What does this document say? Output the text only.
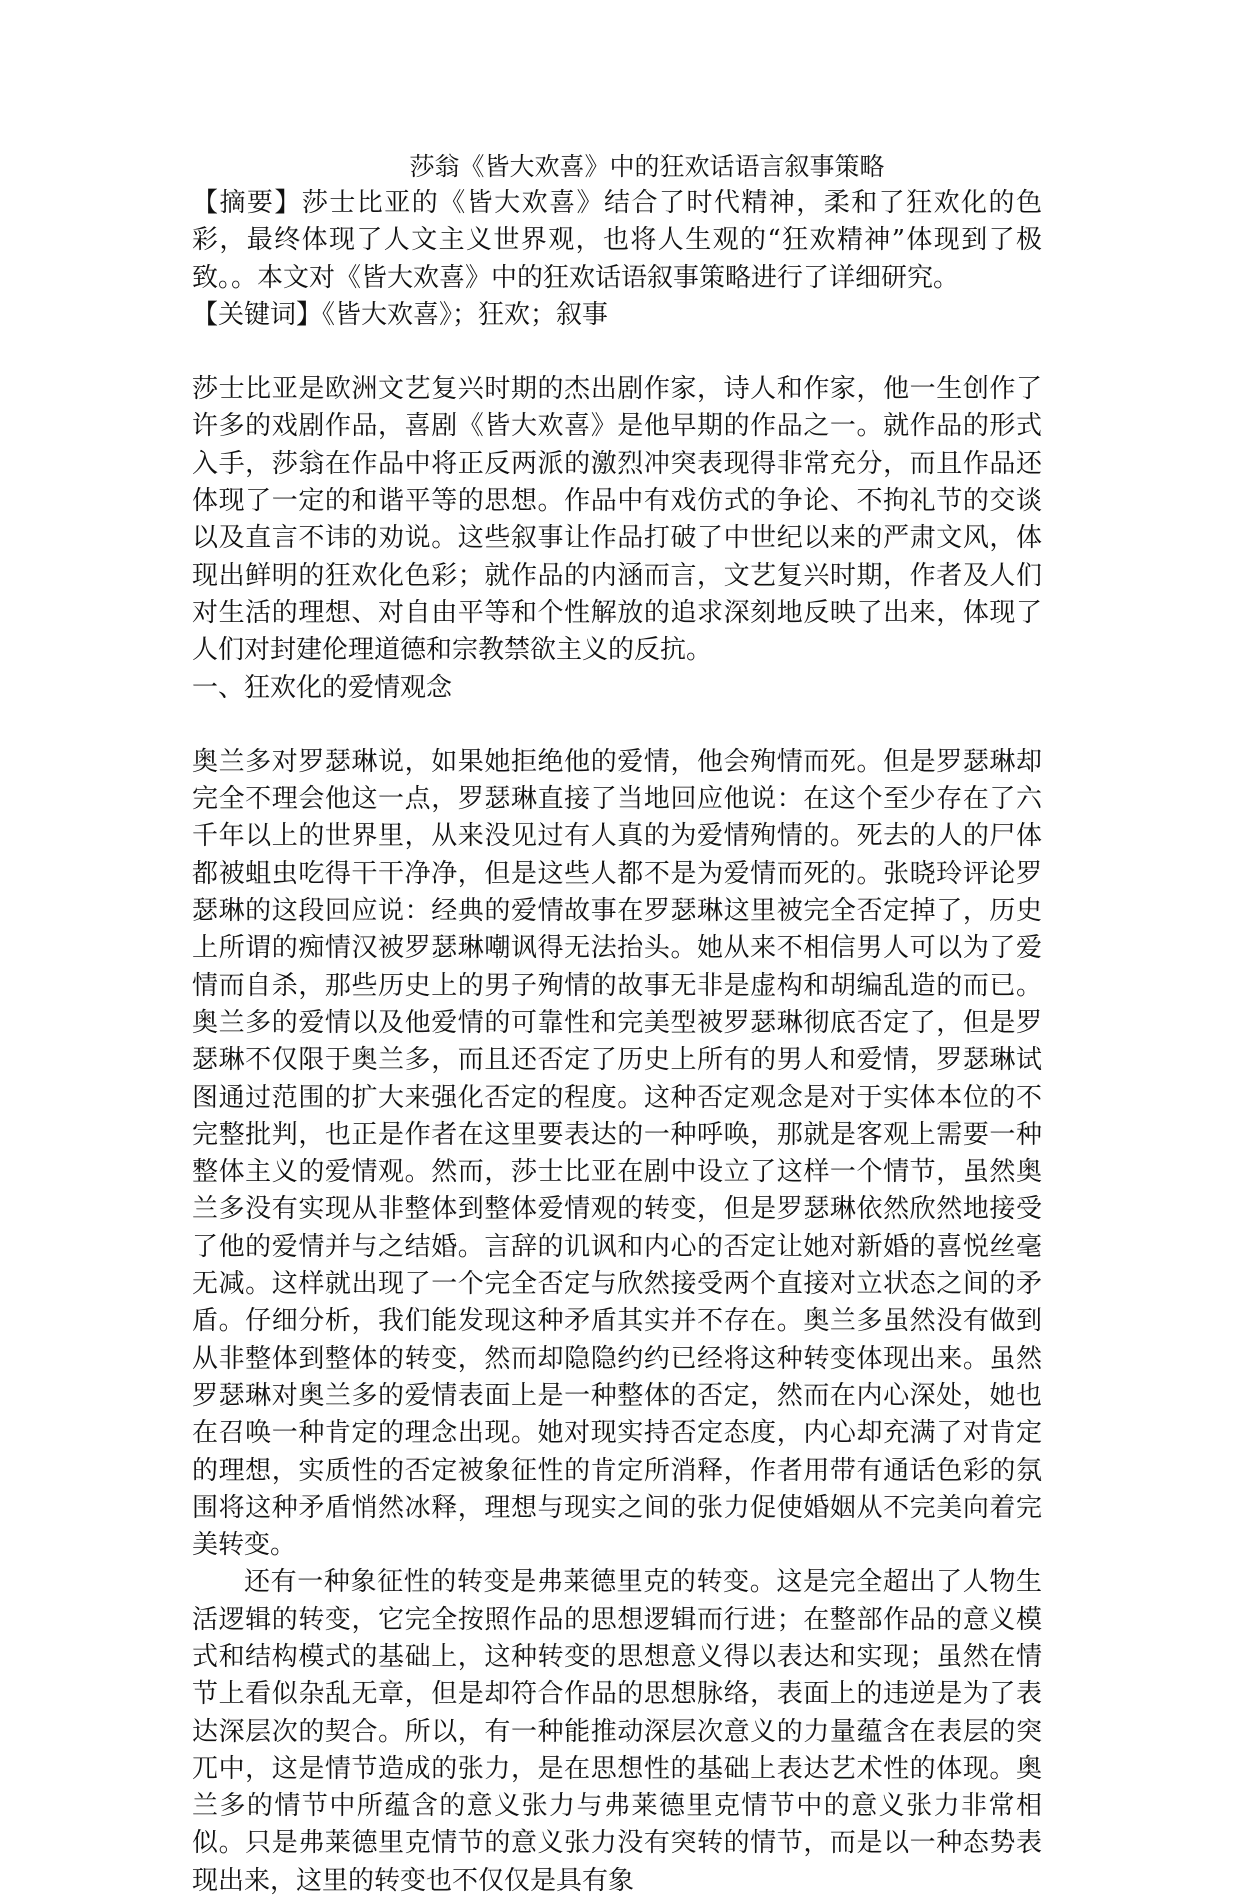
莎翁《皆大欢喜》中的狂欢话语言叙事策略

【摘要】莎士比亚的《皆大欢喜》结合了时代精神，柔和了狂欢化的色彩，最终体现了人文主义世界观，也将人生观的“狂欢精神”体现到了极致。。本文对《皆大欢喜》中的狂欢话语叙事策略进行了详细研究。

【关键词】《皆大欢喜》；狂欢；叙事

莎士比亚是欧洲文艺复兴时期的杰出剧作家，诗人和作家，他一生创作了许多的戏剧作品，喜剧《皆大欢喜》是他早期的作品之一。就作品的形式入手，莎翁在作品中将正反两派的激烈冲突表现得非常充分，而且作品还体现了一定的和谐平等的思想。作品中有戏仿式的争论、不拘礼节的交谈以及直言不讳的劝说。这些叙事让作品打破了中世纪以来的严肃文风，体现出鲜明的狂欢化色彩；就作品的内涵而言，文艺复兴时期，作者及人们对生活的理想、对自由平等和个性解放的追求深刻地反映了出来，体现了人们对封建伦理道德和宗教禁欲主义的反抗。

一、狂欢化的爱情观念

奥兰多对罗瑟琳说，如果她拒绝他的爱情，他会殉情而死。但是罗瑟琳却完全不理会他这一点，罗瑟琳直接了当地回应他说：在这个至少存在了六千年以上的世界里，从来没见过有人真的为爱情殉情的。死去的人的尸体都被蛆虫吃得干干净净，但是这些人都不是为爱情而死的。张晓玲评论罗瑟琳的这段回应说：经典的爱情故事在罗瑟琳这里被完全否定掉了，历史上所谓的痴情汉被罗瑟琳嘲讽得无法抬头。她从来不相信男人可以为了爱情而自杀，那些历史上的男子殉情的故事无非是虚构和胡编乱造的而已。奥兰多的爱情以及他爱情的可靠性和完美型被罗瑟琳彻底否定了，但是罗瑟琳不仅限于奥兰多，而且还否定了历史上所有的男人和爱情，罗瑟琳试图通过范围的扩大来强化否定的程度。这种否定观念是对于实体本位的不完整批判，也正是作者在这里要表达的一种呼唤，那就是客观上需要一种整体主义的爱情观。然而，莎士比亚在剧中设立了这样一个情节，虽然奥兰多没有实现从非整体到整体爱情观的转变，但是罗瑟琳依然欣然地接受了他的爱情并与之结婚。言辞的讥讽和内心的否定让她对新婚的喜悦丝毫无减。这样就出现了一个完全否定与欣然接受两个直接对立状态之间的矛盾。仔细分析，我们能发现这种矛盾其实并不存在。奥兰多虽然没有做到从非整体到整体的转变，然而却隐隐约约已经将这种转变体现出来。虽然罗瑟琳对奥兰多的爱情表面上是一种整体的否定，然而在内心深处，她也在召唤一种肯定的理念出现。她对现实持否定态度，内心却充满了对肯定的理想，实质性的否定被象征性的肯定所消释，作者用带有通话色彩的氛围将这种矛盾悄然冰释，理想与现实之间的张力促使婚姻从不完美向着完美转变。

还有一种象征性的转变是弗莱德里克的转变。这是完全超出了人物生活逻辑的转变，它完全按照作品的思想逻辑而行进；在整部作品的意义模式和结构模式的基础上，这种转变的思想意义得以表达和实现；虽然在情节上看似杂乱无章，但是却符合作品的思想脉络，表面上的违逆是为了表达深层次的契合。所以，有一种能推动深层次意义的力量蕴含在表层的突兀中，这是情节造成的张力，是在思想性的基础上表达艺术性的体现。奥兰多的情节中所蕴含的意义张力与弗莱德里克情节中的意义张力非常相似。只是弗莱德里克情节的意义张力没有突转的情节，而是以一种态势表现出来，这里的转变也不仅仅是具有象
